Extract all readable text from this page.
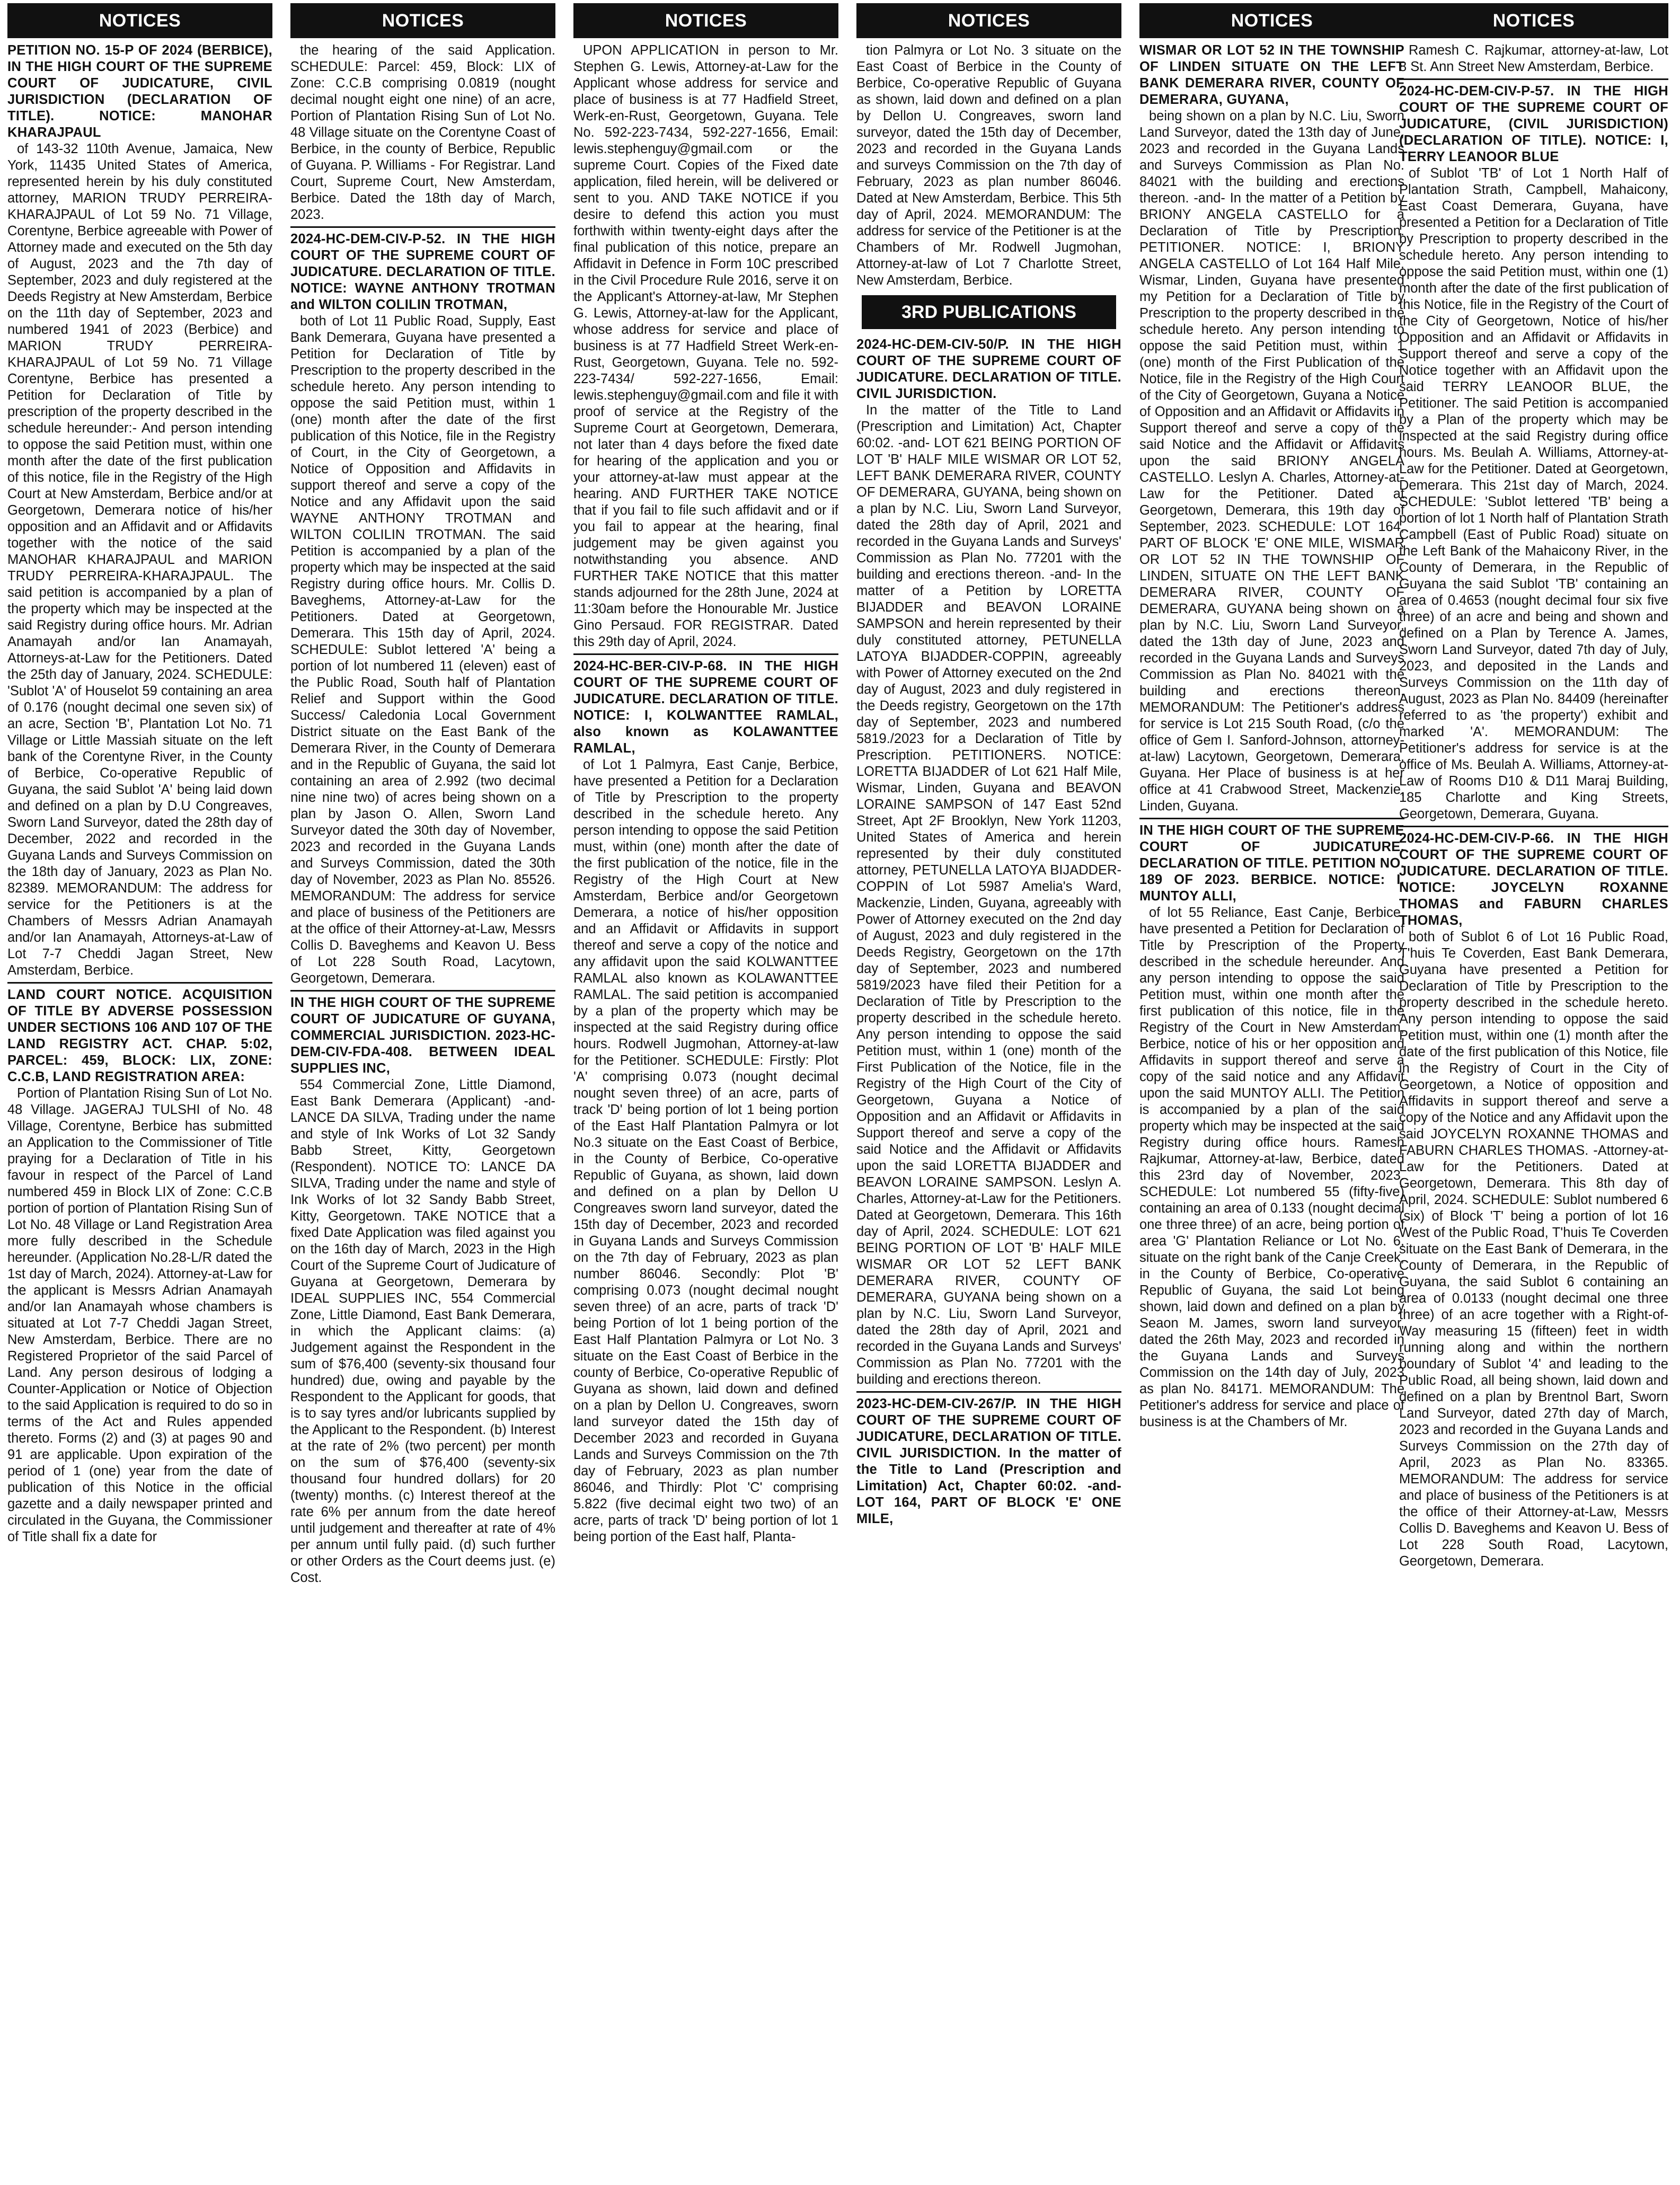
NOTICES

PETITION NO. 15-P OF 2024 (BERBICE), IN THE HIGH COURT OF THE SUPREME COURT OF JUDICATURE, CIVIL JURISDICTION (DECLARATION OF TITLE). NOTICE: MANOHAR KHARAJPAUL

of 143-32 110th Avenue, Jamaica, New York, 11435 United States of America, represented herein by his duly constituted attorney, MARION TRUDY PERREIRA-KHARAJPAUL of Lot 59 No. 71 Village, Corentyne, Berbice agreeable with Power of Attorney made and executed on the 5th day of August, 2023 and the 7th day of September, 2023 and duly registered at the Deeds Registry at New Amsterdam, Berbice on the 11th day of September, 2023 and numbered 1941 of 2023 (Berbice) and MARION TRUDY PERREIRA-KHARAJPAUL of Lot 59 No. 71 Village Corentyne, Berbice has presented a Petition for Declaration of Title by prescription of the property described in the schedule hereunder:- And person intending to oppose the said Petition must, within one month after the date of the first publication of this notice, file in the Registry of the High Court at New Amsterdam, Berbice and/or at Georgetown, Demerara notice of his/her opposition and an Affidavit and or Affidavits together with the notice of the said MANOHAR KHARAJPAUL and MARION TRUDY PERREIRA-KHARAJPAUL. The said petition is accompanied by a plan of the property which may be inspected at the said Registry during office hours. Mr. Adrian Anamayah and/or Ian Anamayah, Attorneys-at-Law for the Petitioners. Dated the 25th day of January, 2024. SCHEDULE: 'Sublot 'A' of Houselot 59 containing an area of 0.176 (nought decimal one seven six) of an acre, Section 'B', Plantation Lot No. 71 Village or Little Massiah situate on the left bank of the Corentyne River, in the County of Berbice, Co-operative Republic of Guyana, the said Sublot 'A' being laid down and defined on a plan by D.U Congreaves, Sworn Land Surveyor, dated the 28th day of December, 2022 and recorded in the Guyana Lands and Surveys Commission on the 18th day of January, 2023 as Plan No. 82389. MEMORANDUM: The address for service for the Petitioners is at the Chambers of Messrs Adrian Anamayah and/or Ian Anamayah, Attorneys-at-Law of Lot 7-7 Cheddi Jagan Street, New Amsterdam, Berbice.

LAND COURT NOTICE. ACQUISITION OF TITLE BY ADVERSE POSSESSION UNDER SECTIONS 106 AND 107 OF THE LAND REGISTRY ACT. CHAP. 5:02, PARCEL: 459, BLOCK: LIX, ZONE: C.C.B, LAND REGISTRATION AREA:

Portion of Plantation Rising Sun of Lot No. 48 Village. JAGERAJ TULSHI of No. 48 Village, Corentyne, Berbice has submitted an Application to the Commissioner of Title praying for a Declaration of Title in his favour in respect of the Parcel of Land numbered 459 in Block LIX of Zone: C.C.B portion of portion of Plantation Rising Sun of Lot No. 48 Village or Land Registration Area more fully described in the Schedule hereunder. (Application No.28-L/R dated the 1st day of March, 2024). Attorney-at-Law for the applicant is Messrs Adrian Anamayah and/or Ian Anamayah whose chambers is situated at Lot 7-7 Cheddi Jagan Street, New Amsterdam, Berbice. There are no Registered Proprietor of the said Parcel of Land. Any person desirous of lodging a Counter-Application or Notice of Objection to the said Application is required to do so in terms of the Act and Rules appended thereto. Forms (2) and (3) at pages 90 and 91 are applicable. Upon expiration of the period of 1 (one) year from the date of publication of this Notice in the official gazette and a daily newspaper printed and circulated in the Guyana, the Commissioner of Title shall fix a date for

NOTICES

the hearing of the said Application. SCHEDULE: Parcel: 459, Block: LIX of Zone: C.C.B comprising 0.0819 (nought decimal nought eight one nine) of an acre, Portion of Plantation Rising Sun of Lot No. 48 Village situate on the Corentyne Coast of Berbice, in the county of Berbice, Republic of Guyana. P. Williams - For Registrar. Land Court, Supreme Court, New Amsterdam, Berbice. Dated the 18th day of March, 2023.

2024-HC-DEM-CIV-P-52. IN THE HIGH COURT OF THE SUPREME COURT OF JUDICATURE. DECLARATION OF TITLE. NOTICE: WAYNE ANTHONY TROTMAN and WILTON COLILIN TROTMAN,

both of Lot 11 Public Road, Supply, East Bank Demerara, Guyana have presented a Petition for Declaration of Title by Prescription to the property described in the schedule hereto. Any person intending to oppose the said Petition must, within 1 (one) month after the date of the first publication of this Notice, file in the Registry of Court, in the City of Georgetown, a Notice of Opposition and Affidavits in support thereof and serve a copy of the Notice and any Affidavit upon the said WAYNE ANTHONY TROTMAN and WILTON COLILIN TROTMAN. The said Petition is accompanied by a plan of the property which may be inspected at the said Registry during office hours. Mr. Collis D. Baveghems, Attorney-at-Law for the Petitioners. Dated at Georgetown, Demerara. This 15th day of April, 2024. SCHEDULE: Sublot lettered 'A' being a portion of lot numbered 11 (eleven) east of the Public Road, South half of Plantation Relief and Support within the Good Success/ Caledonia Local Government District situate on the East Bank of the Demerara River, in the County of Demerara and in the Republic of Guyana, the said lot containing an area of 2.992 (two decimal nine nine two) of acres being shown on a plan by Jason O. Allen, Sworn Land Surveyor dated the 30th day of November, 2023 and recorded in the Guyana Lands and Surveys Commission, dated the 30th day of November, 2023 as Plan No. 85526. MEMORANDUM: The address for service and place of business of the Petitioners are at the office of their Attorney-at-Law, Messrs Collis D. Baveghems and Keavon U. Bess of Lot 228 South Road, Lacytown, Georgetown, Demerara.

IN THE HIGH COURT OF THE SUPREME COURT OF JUDICATURE OF GUYANA, COMMERCIAL JURISDICTION. 2023-HC-DEM-CIV-FDA-408. BETWEEN IDEAL SUPPLIES INC,

554 Commercial Zone, Little Diamond, East Bank Demerara (Applicant) -and-LANCE DA SILVA, Trading under the name and style of Ink Works of Lot 32 Sandy Babb Street, Kitty, Georgetown (Respondent). NOTICE TO: LANCE DA SILVA, Trading under the name and style of Ink Works of lot 32 Sandy Babb Street, Kitty, Georgetown. TAKE NOTICE that a fixed Date Application was filed against you on the 16th day of March, 2023 in the High Court of the Supreme Court of Judicature of Guyana at Georgetown, Demerara by IDEAL SUPPLIES INC, 554 Commercial Zone, Little Diamond, East Bank Demerara, in which the Applicant claims: (a) Judgement against the Respondent in the sum of $76,400 (seventy-six thousand four hundred) due, owing and payable by the Respondent to the Applicant for goods, that is to say tyres and/or lubricants supplied by the Applicant to the Respondent. (b) Interest at the rate of 2% (two percent) per month on the sum of $76,400 (seventy-six thousand four hundred dollars) for 20 (twenty) months. (c) Interest thereof at the rate 6% per annum from the date hereof until judgement and thereafter at rate of 4% per annum until fully paid. (d) such further or other Orders as the Court deems just. (e) Cost.

NOTICES

UPON APPLICATION in person to Mr. Stephen G. Lewis, Attorney-at-Law for the Applicant whose address for service and place of business is at 77 Hadfield Street, Werk-en-Rust, Georgetown, Guyana. Tele No. 592-223-7434, 592-227-1656, Email: lewis.stephenguy@gmail.com or the supreme Court. Copies of the Fixed date application, filed herein, will be delivered or sent to you. AND TAKE NOTICE if you desire to defend this action you must forthwith within twenty-eight days after the final publication of this notice, prepare an Affidavit in Defence in Form 10C prescribed in the Civil Procedure Rule 2016, serve it on the Applicant's Attorney-at-law, Mr Stephen G. Lewis, Attorney-at-law for the Applicant, whose address for service and place of business is at 77 Hadfield Street Werk-en-Rust, Georgetown, Guyana. Tele no. 592-223-7434/ 592-227-1656, Email: lewis.stephenguy@gmail.com and file it with proof of service at the Registry of the Supreme Court at Georgetown, Demerara, not later than 4 days before the fixed date for hearing of the application and you or your attorney-at-law must appear at the hearing. AND FURTHER TAKE NOTICE that if you fail to file such affidavit and or if you fail to appear at the hearing, final judgement may be given against you notwithstanding you absence. AND FURTHER TAKE NOTICE that this matter stands adjourned for the 28th June, 2024 at 11:30am before the Honourable Mr. Justice Gino Persaud. FOR REGISTRAR. Dated this 29th day of April, 2024.

2024-HC-BER-CIV-P-68. IN THE HIGH COURT OF THE SUPREME COURT OF JUDICATURE. DECLARATION OF TITLE. NOTICE: I, KOLWANTTEE RAMLAL, also known as KOLAWANTTEE RAMLAL,

of Lot 1 Palmyra, East Canje, Berbice, have presented a Petition for a Declaration of Title by Prescription to the property described in the schedule hereto. Any person intending to oppose the said Petition must, within (one) month after the date of the first publication of the notice, file in the Registry of the High Court at New Amsterdam, Berbice and/or Georgetown Demerara, a notice of his/her opposition and an Affidavit or Affidavits in support thereof and serve a copy of the notice and any affidavit upon the said KOLWANTTEE RAMLAL also known as KOLAWANTTEE RAMLAL. The said petition is accompanied by a plan of the property which may be inspected at the said Registry during office hours. Rodwell Jugmohan, Attorney-at-law for the Petitioner. SCHEDULE: Firstly: Plot 'A' comprising 0.073 (nought decimal nought seven three) of an acre, parts of track 'D' being portion of lot 1 being portion of the East Half Plantation Palmyra or lot No.3 situate on the East Coast of Berbice, in the County of Berbice, Co-operative Republic of Guyana, as shown, laid down and defined on a plan by Dellon U Congreaves sworn land surveyor, dated the 15th day of December, 2023 and recorded in Guyana Lands and Surveys Commission on the 7th day of February, 2023 as plan number 86046. Secondly: Plot 'B' comprising 0.073 (nought decimal nought seven three) of an acre, parts of track 'D' being Portion of lot 1 being portion of the East Half Plantation Palmyra or Lot No. 3 situate on the East Coast of Berbice in the county of Berbice, Co-operative Republic of Guyana as shown, laid down and defined on a plan by Dellon U. Congreaves, sworn land surveyor dated the 15th day of December 2023 and recorded in Guyana Lands and Surveys Commission on the 7th day of February, 2023 as plan number 86046, and Thirdly: Plot 'C' comprising 5.822 (five decimal eight two two) of an acre, parts of track 'D' being portion of lot 1 being portion of the East half, Planta-

NOTICES

tion Palmyra or Lot No. 3 situate on the East Coast of Berbice in the County of Berbice, Co-operative Republic of Guyana as shown, laid down and defined on a plan by Dellon U. Congreaves, sworn land surveyor, dated the 15th day of December, 2023 and recorded in the Guyana Lands and surveys Commission on the 7th day of February, 2023 as plan number 86046. Dated at New Amsterdam, Berbice. This 5th day of April, 2024. MEMORANDUM: The address for service of the Petitioner is at the Chambers of Mr. Rodwell Jugmohan, Attorney-at-law of Lot 7 Charlotte Street, New Amsterdam, Berbice.

3RD PUBLICATIONS

2024-HC-DEM-CIV-50/P. IN THE HIGH COURT OF THE SUPREME COURT OF JUDICATURE. DECLARATION OF TITLE. CIVIL JURISDICTION.

In the matter of the Title to Land (Prescription and Limitation) Act, Chapter 60:02. -and- LOT 621 BEING PORTION OF LOT 'B' HALF MILE WISMAR OR LOT 52, LEFT BANK DEMERARA RIVER, COUNTY OF DEMERARA, GUYANA, being shown on a plan by N.C. Liu, Sworn Land Surveyor, dated the 28th day of April, 2021 and recorded in the Guyana Lands and Surveys' Commission as Plan No. 77201 with the building and erections thereon. -and- In the matter of a Petition by LORETTA BIJADDER and BEAVON LORAINE SAMPSON and herein represented by their duly constituted attorney, PETUNELLA LATOYA BIJADDER-COPPIN, agreeably with Power of Attorney executed on the 2nd day of August, 2023 and duly registered in the Deeds registry, Georgetown on the 17th day of September, 2023 and numbered 5819./2023 for a Declaration of Title by Prescription. PETITIONERS. NOTICE: LORETTA BIJADDER of Lot 621 Half Mile, Wismar, Linden, Guyana and BEAVON LORAINE SAMPSON of 147 East 52nd Street, Apt 2F Brooklyn, New York 11203, United States of America and herein represented by their duly constituted attorney, PETUNELLA LATOYA BIJADDER-COPPIN of Lot 5987 Amelia's Ward, Mackenzie, Linden, Guyana, agreeably with Power of Attorney executed on the 2nd day of August, 2023 and duly registered in the Deeds Registry, Georgetown on the 17th day of September, 2023 and numbered 5819/2023 have filed their Petition for a Declaration of Title by Prescription to the property described in the schedule hereto. Any person intending to oppose the said Petition must, within 1 (one) month of the First Publication of the Notice, file in the Registry of the High Court of the City of Georgetown, Guyana a Notice of Opposition and an Affidavit or Affidavits in Support thereof and serve a copy of the said Notice and the Affidavit or Affidavits upon the said LORETTA BIJADDER and BEAVON LORAINE SAMPSON. Leslyn A. Charles, Attorney-at-Law for the Petitioners. Dated at Georgetown, Demerara. This 16th day of April, 2024. SCHEDULE: LOT 621 BEING PORTION OF LOT 'B' HALF MILE WISMAR OR LOT 52 LEFT BANK DEMERARA RIVER, COUNTY OF DEMERARA, GUYANA being shown on a plan by N.C. Liu, Sworn Land Surveyor, dated the 28th day of April, 2021 and recorded in the Guyana Lands and Surveys' Commission as Plan No. 77201 with the building and erections thereon.

2023-HC-DEM-CIV-267/P. IN THE HIGH COURT OF THE SUPREME COURT OF JUDICATURE, DECLARATION OF TITLE. CIVIL JURISDICTION. In the matter of the Title to Land (Prescription and Limitation) Act, Chapter 60:02. -and- LOT 164, PART OF BLOCK 'E' ONE MILE,

NOTICES

WISMAR OR LOT 52 IN THE TOWNSHIP OF LINDEN SITUATE ON THE LEFT BANK DEMERARA RIVER, COUNTY OF DEMERARA, GUYANA,

being shown on a plan by N.C. Liu, Sworn Land Surveyor, dated the 13th day of June, 2023 and recorded in the Guyana Lands and Surveys Commission as Plan No. 84021 with the building and erections thereon. -and- In the matter of a Petition by BRIONY ANGELA CASTELLO for a Declaration of Title by Prescription. PETITIONER. NOTICE: I, BRIONY ANGELA CASTELLO of Lot 164 Half Mile, Wismar, Linden, Guyana have presented my Petition for a Declaration of Title by Prescription to the property described in the schedule hereto. Any person intending to oppose the said Petition must, within 1 (one) month of the First Publication of the Notice, file in the Registry of the High Court of the City of Georgetown, Guyana a Notice of Opposition and an Affidavit or Affidavits in Support thereof and serve a copy of the said Notice and the Affidavit or Affidavits upon the said BRIONY ANGELA CASTELLO. Leslyn A. Charles, Attorney-at-Law for the Petitioner. Dated at Georgetown, Demerara, this 19th day of September, 2023. SCHEDULE: LOT 164, PART OF BLOCK 'E' ONE MILE, WISMAR OR LOT 52 IN THE TOWNSHIP OF LINDEN, SITUATE ON THE LEFT BANK DEMERARA RIVER, COUNTY OF DEMERARA, GUYANA being shown on a plan by N.C. Liu, Sworn Land Surveyor, dated the 13th day of June, 2023 and recorded in the Guyana Lands and Surveys Commission as Plan No. 84021 with the building and erections thereon. MEMORANDUM: The Petitioner's address for service is Lot 215 South Road, (c/o the office of Gem I. Sanford-Johnson, attorney-at-law) Lacytown, Georgetown, Demerara, Guyana. Her Place of business is at her office at 41 Crabwood Street, Mackenzie, Linden, Guyana.

IN THE HIGH COURT OF THE SUPREME COURT OF JUDICATURE. DECLARATION OF TITLE. PETITION NO. 189 OF 2023. BERBICE. NOTICE: I, MUNTOY ALLI,

of lot 55 Reliance, East Canje, Berbice, have presented a Petition for Declaration of Title by Prescription of the Property described in the schedule hereunder. And any person intending to oppose the said Petition must, within one month after the first publication of this notice, file in the Registry of the Court in New Amsterdam, Berbice, notice of his or her opposition and Affidavits in support thereof and serve a copy of the said notice and any Affidavit upon the said MUNTOY ALLI. The Petition is accompanied by a plan of the said property which may be inspected at the said Registry during office hours. Ramesh Rajkumar, Attorney-at-law, Berbice, dated this 23rd day of November, 2023. SCHEDULE: Lot numbered 55 (fifty-five) containing an area of 0.133 (nought decimal one three three) of an acre, being portion of area 'G' Plantation Reliance or Lot No. 6, situate on the right bank of the Canje Creek, in the County of Berbice, Co-operative Republic of Guyana, the said Lot being shown, laid down and defined on a plan by Seaon M. James, sworn land surveyor, dated the 26th May, 2023 and recorded in the Guyana Lands and Surveys Commission on the 14th day of July, 2023 as plan No. 84171. MEMORANDUM: The Petitioner's address for service and place of business is at the Chambers of Mr.

NOTICES

Ramesh C. Rajkumar, attorney-at-law, Lot 8 St. Ann Street New Amsterdam, Berbice.

2024-HC-DEM-CIV-P-57. IN THE HIGH COURT OF THE SUPREME COURT OF JUDICATURE, (CIVIL JURISDICTION) (DECLARATION OF TITLE). NOTICE: I, TERRY LEANOOR BLUE

of Sublot 'TB' of Lot 1 North Half of Plantation Strath, Campbell, Mahaicony, East Coast Demerara, Guyana, have presented a Petition for a Declaration of Title by Prescription to property described in the schedule hereto. Any person intending to oppose the said Petition must, within one (1) month after the date of the first publication of this Notice, file in the Registry of the Court of the City of Georgetown, Notice of his/her Opposition and an Affidavit or Affidavits in Support thereof and serve a copy of the Notice together with an Affidavit upon the said TERRY LEANOOR BLUE, the Petitioner. The said Petition is accompanied by a Plan of the property which may be inspected at the said Registry during office hours. Ms. Beulah A. Williams, Attorney-at-Law for the Petitioner. Dated at Georgetown, Demerara. This 21st day of March, 2024. SCHEDULE: 'Sublot lettered 'TB' being a portion of lot 1 North half of Plantation Strath Campbell (East of Public Road) situate on the Left Bank of the Mahaicony River, in the County of Demerara, in the Republic of Guyana the said Sublot 'TB' containing an area of 0.4653 (nought decimal four six five three) of an acre and being and shown and defined on a Plan by Terence A. James, Sworn Land Surveyor, dated 7th day of July, 2023, and deposited in the Lands and Surveys Commission on the 11th day of August, 2023 as Plan No. 84409 (hereinafter referred to as 'the property') exhibit and marked 'A'. MEMORANDUM: The Petitioner's address for service is at the office of Ms. Beulah A. Williams, Attorney-at-Law of Rooms D10 & D11 Maraj Building, 185 Charlotte and King Streets, Georgetown, Demerara, Guyana.

2024-HC-DEM-CIV-P-66. IN THE HIGH COURT OF THE SUPREME COURT OF JUDICATURE. DECLARATION OF TITLE. NOTICE: JOYCELYN ROXANNE THOMAS and FABURN CHARLES THOMAS,

both of Sublot 6 of Lot 16 Public Road, T'huis Te Coverden, East Bank Demerara, Guyana have presented a Petition for Declaration of Title by Prescription to the property described in the schedule hereto. Any person intending to oppose the said Petition must, within one (1) month after the date of the first publication of this Notice, file in the Registry of Court in the City of Georgetown, a Notice of opposition and Affidavits in support thereof and serve a copy of the Notice and any Affidavit upon the said JOYCELYN ROXANNE THOMAS and FABURN CHARLES THOMAS. -Attorney-at-Law for the Petitioners. Dated at Georgetown, Demerara. This 8th day of April, 2024. SCHEDULE: Sublot numbered 6 (six) of Block 'T' being a portion of lot 16 West of the Public Road, T'huis Te Coverden situate on the East Bank of Demerara, in the County of Demerara, in the Republic of Guyana, the said Sublot 6 containing an area of 0.0133 (nought decimal one three three) of an acre together with a Right-of-Way measuring 15 (fifteen) feet in width running along and within the northern boundary of Sublot '4' and leading to the Public Road, all being shown, laid down and defined on a plan by Brentnol Bart, Sworn Land Surveyor, dated 27th day of March, 2023 and recorded in the Guyana Lands and Surveys Commission on the 27th day of April, 2023 as Plan No. 83365. MEMORANDUM: The address for service and place of business of the Petitioners is at the office of their Attorney-at-Law, Messrs Collis D. Baveghems and Keavon U. Bess of Lot 228 South Road, Lacytown, Georgetown, Demerara.
